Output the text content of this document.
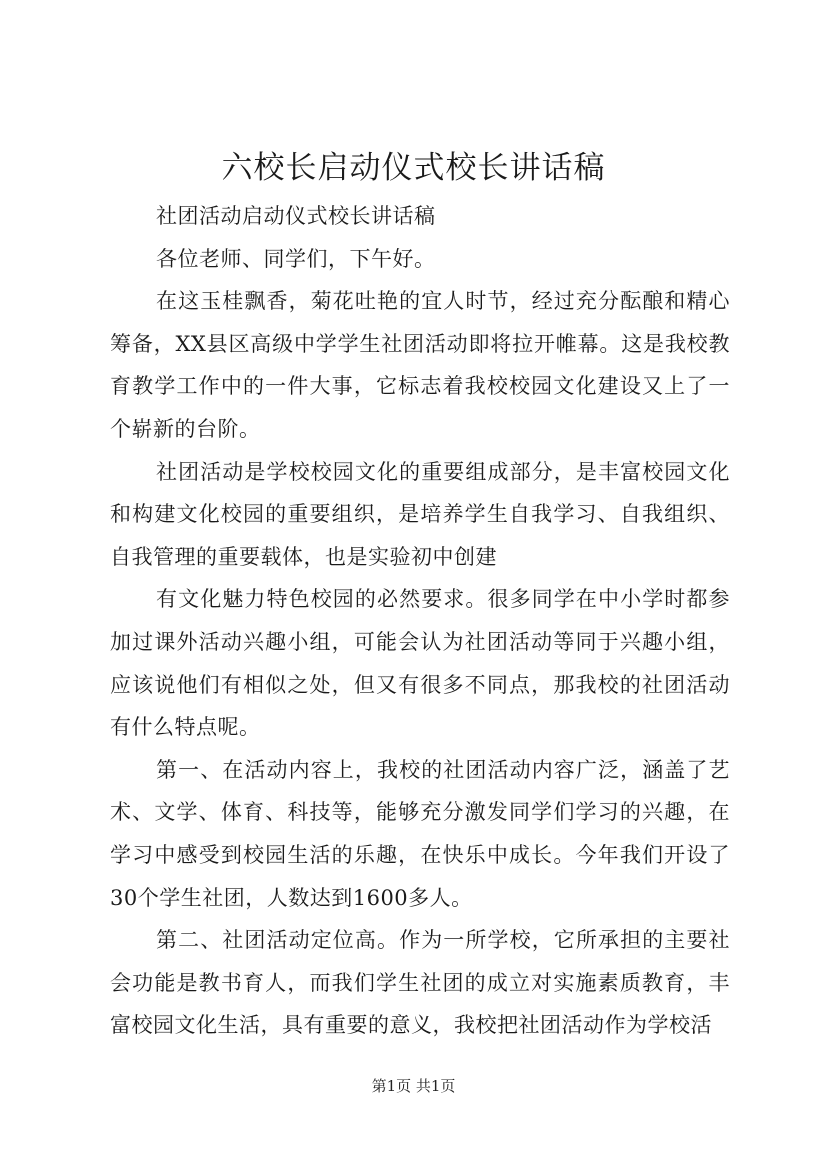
六校长启动仪式校长讲话稿

社团活动启动仪式校长讲话稿

各位老师、同学们，下午好。

在这玉桂飘香，菊花吐艳的宜人时节，经过充分酝酿和精心筹备，XX县区高级中学学生社团活动即将拉开帷幕。这是我校教育教学工作中的一件大事，它标志着我校校园文化建设又上了一个崭新的台阶。

社团活动是学校校园文化的重要组成部分，是丰富校园文化和构建文化校园的重要组织，是培养学生自我学习、自我组织、自我管理的重要载体，也是实验初中创建

有文化魅力特色校园的必然要求。很多同学在中小学时都参加过课外活动兴趣小组，可能会认为社团活动等同于兴趣小组，应该说他们有相似之处，但又有很多不同点，那我校的社团活动有什么特点呢。

第一、在活动内容上，我校的社团活动内容广泛，涵盖了艺术、文学、体育、科技等，能够充分激发同学们学习的兴趣，在学习中感受到校园生活的乐趣，在快乐中成长。今年我们开设了30个学生社团，人数达到1600多人。

第二、社团活动定位高。作为一所学校，它所承担的主要社会功能是教书育人，而我们学生社团的成立对实施素质教育，丰富校园文化生活，具有重要的意义，我校把社团活动作为学校活

第1页 共1页
